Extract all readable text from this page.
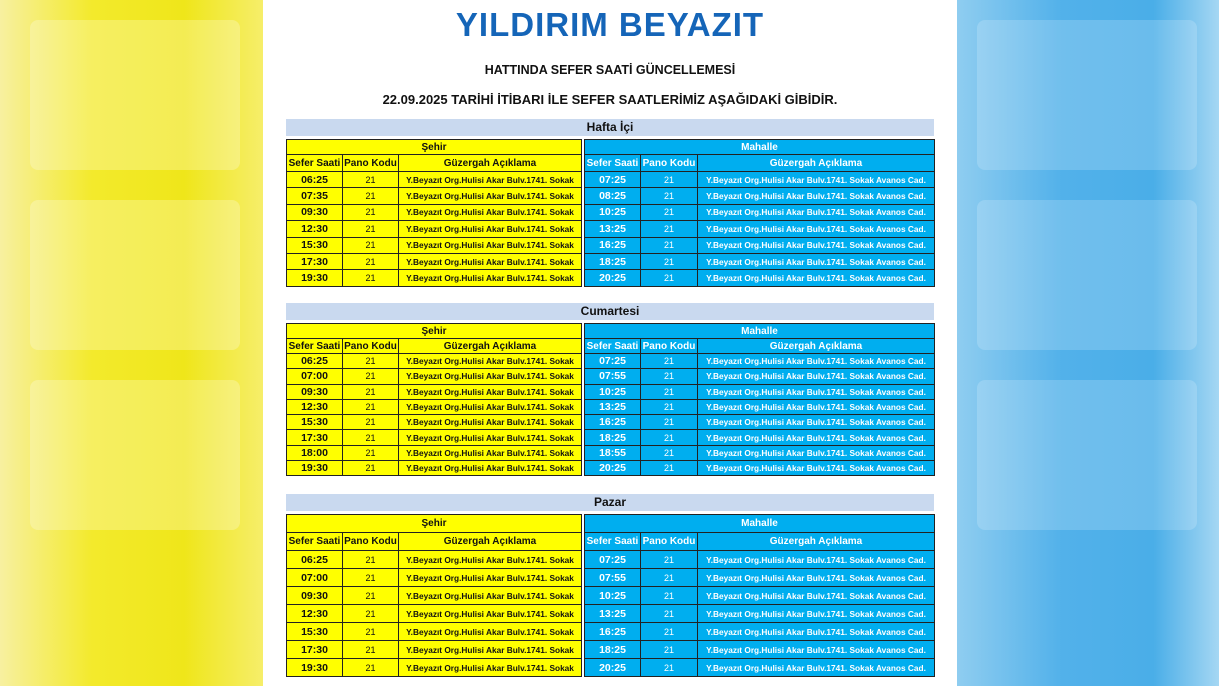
YILDIRIM BEYAZIT
HATTINDA SEFER SAATİ GÜNCELLEMESİ
22.09.2025 TARİHİ İTİBARI İLE SEFER SAATLERİMİZ AŞAĞIDAKİ GİBİDİR.
Hafta İçi
Şehir		
Sefer Saati	Pano Kodu	Güzergah Açıklama
06:25	21	Y.Beyazıt Org.Hulisi Akar Bulv.1741. Sokak
07:35	21	Y.Beyazıt Org.Hulisi Akar Bulv.1741. Sokak
09:30	21	Y.Beyazıt Org.Hulisi Akar Bulv.1741. Sokak
12:30	21	Y.Beyazıt Org.Hulisi Akar Bulv.1741. Sokak
15:30	21	Y.Beyazıt Org.Hulisi Akar Bulv.1741. Sokak
17:30	21	Y.Beyazıt Org.Hulisi Akar Bulv.1741. Sokak
19:30	21	Y.Beyazıt Org.Hulisi Akar Bulv.1741. Sokak
Mahalle		
Sefer Saati	Pano Kodu	Güzergah Açıklama
07:25	21	Y.Beyazıt Org.Hulisi Akar Bulv.1741. Sokak Avanos Cad.
08:25	21	Y.Beyazıt Org.Hulisi Akar Bulv.1741. Sokak Avanos Cad.
10:25	21	Y.Beyazıt Org.Hulisi Akar Bulv.1741. Sokak Avanos Cad.
13:25	21	Y.Beyazıt Org.Hulisi Akar Bulv.1741. Sokak Avanos Cad.
16:25	21	Y.Beyazıt Org.Hulisi Akar Bulv.1741. Sokak Avanos Cad.
18:25	21	Y.Beyazıt Org.Hulisi Akar Bulv.1741. Sokak Avanos Cad.
20:25	21	Y.Beyazıt Org.Hulisi Akar Bulv.1741. Sokak Avanos Cad.
Cumartesi
Şehir		
Sefer Saati	Pano Kodu	Güzergah Açıklama
06:25	21	Y.Beyazıt Org.Hulisi Akar Bulv.1741. Sokak
07:00	21	Y.Beyazıt Org.Hulisi Akar Bulv.1741. Sokak
09:30	21	Y.Beyazıt Org.Hulisi Akar Bulv.1741. Sokak
12:30	21	Y.Beyazıt Org.Hulisi Akar Bulv.1741. Sokak
15:30	21	Y.Beyazıt Org.Hulisi Akar Bulv.1741. Sokak
17:30	21	Y.Beyazıt Org.Hulisi Akar Bulv.1741. Sokak
18:00	21	Y.Beyazıt Org.Hulisi Akar Bulv.1741. Sokak
19:30	21	Y.Beyazıt Org.Hulisi Akar Bulv.1741. Sokak
Mahalle		
Sefer Saati	Pano Kodu	Güzergah Açıklama
07:25	21	Y.Beyazıt Org.Hulisi Akar Bulv.1741. Sokak Avanos Cad.
07:55	21	Y.Beyazıt Org.Hulisi Akar Bulv.1741. Sokak Avanos Cad.
10:25	21	Y.Beyazıt Org.Hulisi Akar Bulv.1741. Sokak Avanos Cad.
13:25	21	Y.Beyazıt Org.Hulisi Akar Bulv.1741. Sokak Avanos Cad.
16:25	21	Y.Beyazıt Org.Hulisi Akar Bulv.1741. Sokak Avanos Cad.
18:25	21	Y.Beyazıt Org.Hulisi Akar Bulv.1741. Sokak Avanos Cad.
18:55	21	Y.Beyazıt Org.Hulisi Akar Bulv.1741. Sokak Avanos Cad.
20:25	21	Y.Beyazıt Org.Hulisi Akar Bulv.1741. Sokak Avanos Cad.
Pazar
Şehir		
Sefer Saati	Pano Kodu	Güzergah Açıklama
06:25	21	Y.Beyazıt Org.Hulisi Akar Bulv.1741. Sokak
07:00	21	Y.Beyazıt Org.Hulisi Akar Bulv.1741. Sokak
09:30	21	Y.Beyazıt Org.Hulisi Akar Bulv.1741. Sokak
12:30	21	Y.Beyazıt Org.Hulisi Akar Bulv.1741. Sokak
15:30	21	Y.Beyazıt Org.Hulisi Akar Bulv.1741. Sokak
17:30	21	Y.Beyazıt Org.Hulisi Akar Bulv.1741. Sokak
19:30	21	Y.Beyazıt Org.Hulisi Akar Bulv.1741. Sokak
Mahalle		
Sefer Saati	Pano Kodu	Güzergah Açıklama
07:25	21	Y.Beyazıt Org.Hulisi Akar Bulv.1741. Sokak Avanos Cad.
07:55	21	Y.Beyazıt Org.Hulisi Akar Bulv.1741. Sokak Avanos Cad.
10:25	21	Y.Beyazıt Org.Hulisi Akar Bulv.1741. Sokak Avanos Cad.
13:25	21	Y.Beyazıt Org.Hulisi Akar Bulv.1741. Sokak Avanos Cad.
16:25	21	Y.Beyazıt Org.Hulisi Akar Bulv.1741. Sokak Avanos Cad.
18:25	21	Y.Beyazıt Org.Hulisi Akar Bulv.1741. Sokak Avanos Cad.
20:25	21	Y.Beyazıt Org.Hulisi Akar Bulv.1741. Sokak Avanos Cad.
